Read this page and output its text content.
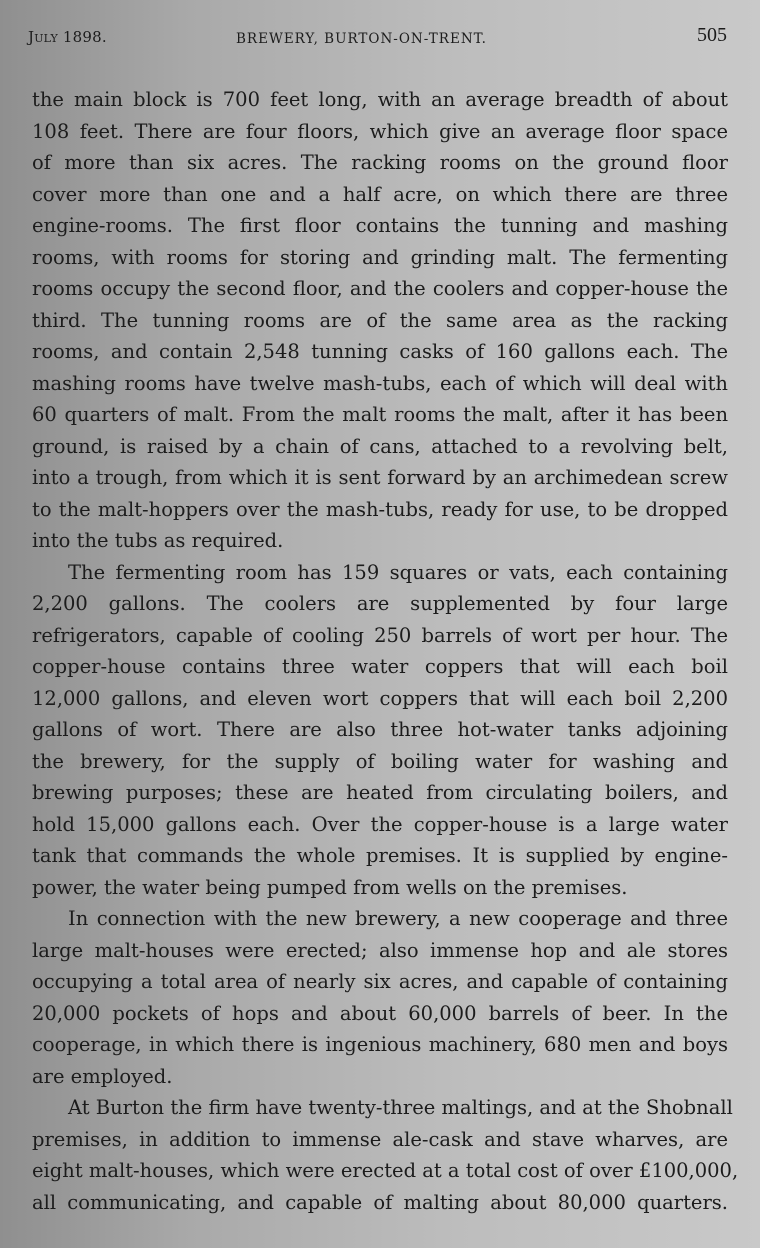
July 1898.	BREWERY, BURTON-ON-TRENT.	505
the main block is 700 feet long, with an average breadth of about
108 feet. There are four floors, which give an average floor space
of more than six acres. The racking rooms on the ground floor
cover more than one and a half acre, on which there are three
engine-rooms. The first floor contains the tunning and mashing
rooms, with rooms for storing and grinding malt. The fermenting
rooms occupy the second floor, and the coolers and copper-house the
third. The tunning rooms are of the same area as the racking
rooms, and contain 2,548 tunning casks of 160 gallons each. The
mashing rooms have twelve mash-tubs, each of which will deal with
60 quarters of malt. From the malt rooms the malt, after it has been
ground, is raised by a chain of cans, attached to a revolving belt,
into a trough, from which it is sent forward by an archimedean screw
to the malt-hoppers over the mash-tubs, ready for use, to be dropped
into the tubs as required.
The fermenting room has 159 squares or vats, each containing
2,200 gallons. The coolers are supplemented by four large
refrigerators, capable of cooling 250 barrels of wort per hour. The
copper-house contains three water coppers that will each boil
12,000 gallons, and eleven wort coppers that will each boil 2,200
gallons of wort. There are also three hot-water tanks adjoining
the brewery, for the supply of boiling water for washing and
brewing purposes; these are heated from circulating boilers, and
hold 15,000 gallons each. Over the copper-house is a large water
tank that commands the whole premises. It is supplied by engine-
power, the water being pumped from wells on the premises.
In connection with the new brewery, a new cooperage and three
large malt-houses were erected; also immense hop and ale stores
occupying a total area of nearly six acres, and capable of containing
20,000 pockets of hops and about 60,000 barrels of beer. In the
cooperage, in which there is ingenious machinery, 680 men and boys
are employed.
At Burton the firm have twenty-three maltings, and at the Shobnall
premises, in addition to immense ale-cask and stave wharves, are
eight malt-houses, which were erected at a total cost of over £100,000,
all communicating, and capable of malting about 80,000 quarters.
